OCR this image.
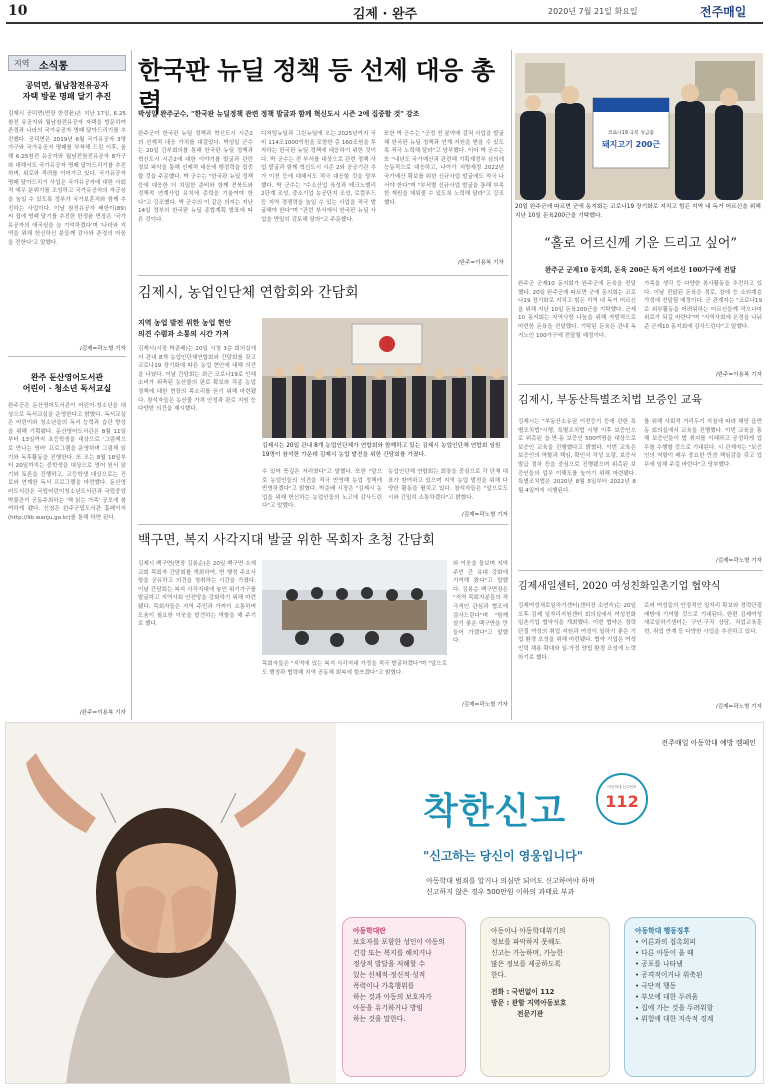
10	김제 · 완주	2020년 7월 21일 화요일	전주매일
지역 소식통
공덕면, 월남참전유공자
자택 방문 명패 달기 추진
김제시 공덕면(면장 한정윤)은 지난 17일, 6.25참전 유공자와 월남참전유공자 자택을 방문하여 존경과 나라의 국가유공자 명패 달아드리기를 추진했다. 공덕면은 2019년 6월 국가유공자 3명가구와 국가유공자 명패를 부착해 드린 이후, 올해 6.25참전 유공자와 월남전참전유공자 8가구와 대해서도 국가유공자 명패 달아드리기를 추진하며, 위로와 격려를 이어가고 있다. 국가유공자 명패 달아드리기 사업은 국가유공자에 대한 사회적 예우 분위기를 조성하고 국가유공자의 자긍심을 높일 수 있도록 정부가 국가보훈처와 함께 추진하는 사업이다. 이날 참전유공자 배한이(89) 씨 집에 명패 달기를 추진한 한정윤 면장은 '국가유공자의 애국심을 늘 기억하겠다'며 '나라와 지역을 위해 헌신하신 분들께 감사와 존경의 마음을 전한다'고 말했다.
/김제=곽노형 기자
완주 둔산영어도서관
어린이 · 청소년 독서교실
완주군은 둔산영어도서관이 어린이·청소년을 대상으로 독서교실을 운영한다고 밝혔다. 독서교실은 어린이와 청소년들의 독서 능력과 습관 향상을 위해 기획됐다. 둔산영어도서관은 8월 11일부터 13일까지 초등학생을 대상으로 '그림책으로 만나는 영어' 프로그램을 운영하며 그림책 읽기와 독후활동을 진행한다. 또 오는 8월 18일부터 20일까지는 중학생을 대상으로 영어 원서 읽기와 토론을 진행하고, 고등학생 대상으로는 진로와 연계한 독서 프로그램을 마련했다. 둔산영어도서관은 국립어린이청소년도서관과 국립중앙박물관이 공동주최하는 '책 읽는 가족' 공모에 참여하게 됐다. 신청은 완주군립도서관 홈페이지(http://lib.wanju.go.kr)를 통해 하면 된다.
/완주=이용복 기자
한국판 뉴딜 정책 등 선제 대응 총력
박성일 완주군수, "한국판 뉴딜정책 관련 정책 발굴과 함께 혁신도시 시즌 2에 집중할 것" 강조
완주군이 한국판 뉴딜 정책과 혁신도시 시즌2의 선제적 대응 가치를 내걸었다. 박성일 군수는 20일 간부회의를 통해 한국판 뉴딜 정책과 혁신도시 시즌2에 대한 이야기를 발굴과 관련 정보 파악을 통해 선제적 대응에 행정력을 집중할 것을 주문했다. 박 군수는 "한국판 뉴딜 정책 등에 대응한 더 치밀한 준비와 함께 전북도와 정책적 연계사업 유치에 총력을 기울여야 한다"고 강조했다. 박 군수의 이 같은 의지는 지난 14일 정부의 한국판 뉴딜 종합계획 발표에 따른 것이다.
디지털뉴딜과 그린뉴딜에 오는 2025년까지 국비 114조1000억원을 포함한 총 160조원을 투자하는 한국판 뉴딜 정책에 대응하기 위한 것이다. 박 군수는 전 부서를 대상으로 관련 정책 사업 발굴과 함께 혁신도시 시즌 2와 공공기관 추가 이전 등에 대해서도 적극 대응할 것을 당부했다. 박 군수는 "수소산업 육성과 테크노밸리 2단계 조성, 중소기업 농공단지 조성, 로컬푸드 등 지역 경쟁력을 높일 수 있는 사업을 적극 발굴해야 한다"며 "관련 부서에서 한국판 뉴딜 사업을 면밀히 검토해 달라"고 주문했다.
또한 박 군수는 "군정 전 분야에 걸쳐 사업을 발굴해 한국판 뉴딜 정책과 연계 지원을 받을 수 있도록 적극 노력해 달라"고 당부했다. 이어 박 군수는 또 "내년도 국가예산과 관련해 기획재정부 심의에 능동적으로 대응하고, 나아가 지방재정 2022년 국가예산 확보를 위한 신규사업 발굴에도 적극 나서야 한다"며 "부서별 신규사업 발굴을 통해 부족한 재원을 채워줄 수 있도록 노력해 달라"고 강조했다.
/완주=이용복 기자
코로나19 극복 성금품
돼지고기 200근
20일 완주군에 따르면 군에 동지회는 코로나19 장기화로 지치고 힘든 지역 내 독거 어르신을 위해 지난 10일 돈육200근을 기탁했다.
“홀로 어르신께 기운 드리고 싶어”
완주군 군제10 동지회, 돈육 200근 독거 어르신 100가구에 전달
완주군 군제10 동지회가 완주군에 돈육을 전달했다. 20일 완주군에 따르면 군에 동지회는 코로나19 장기화로 지치고 힘든 지역 내 독거 어르신을 위해 지난 10일 돈육200근을 기탁했다. 군제10 동지회는 지역사랑 나눔을 위해 자발적으로 마련한 돈육을 전달했다. 기탁된 돈육은 관내 독거노인 100가구에 전달될 예정이다.
가족을 생각 등 다양한 봉사활동을 추진하고 있다. 이날 전달된 돈육은 경로, 장애 등 소외계층 가정에 전달될 예정이다. 군 관계자는 "코로나19로 외부활동을 어려워하는 어르신들께 작으나마 위로가 되길 바란다"며 "지역사회에 온정을 나눠 준 군제10 동지회에 감사드린다"고 말했다.
/완주=이용복 기자
김제시, 농업인단체 연합회와 간담회
지역 농업 발전 위한 농업 현안
의견 수렴과 소통의 시간 가져
김제시(시장 박준배)는 20일 시청 3층 회의실에서 관내 8개 농업인단체연합회와 간담회를 갖고 코로나19 장기화에 따른 농업 현안에 대해 의견을 나눴다. 이날 간담회는 최근 코로나19로 인해 소비가 위축된 농산물의 판로 확보와 각종 농업 정책에 대한 현장의 목소리를 듣기 위해 마련됐다. 참석자들은 농산물 가격 안정과 판로 지원 등 다양한 의견을 제시했다.
김제시는 20일 관내 8개 농업인단체가 연합회와 함께하고 있는 김제시 농업인단체 연합회 임원 19명이 참석한 가운데 김제시 농업 발전을 위한 간담회를 가졌다.
수 있어 뜻깊은 자리였다"고 말했다. 또한 "앞으로 농업인들의 의견을 적극 반영해 농업 정책에 반영하겠다"고 밝혔다. 박준배 시장은 "김제시 농업을 위해 헌신하는 농업인들의 노고에 감사드린다"고 말했다.
농업인단체 연합회는 회장을 중심으로 각 단체 대표가 참여하고 있으며 지역 농업 발전을 위해 다양한 활동을 펼치고 있다. 참석자들은 "앞으로도 시와 긴밀히 소통하겠다"고 밝혔다.
/김제=곽노형 기자
김제시, 부동산특별조치법 보증인 교육
김제시는 "부동산소유권 이전등기 등에 관한 특별조치법"시행, 특별조치법 시행 이후 보증인으로 위촉된 읍·면·동 보증인 500여명을 대상으로 보증인 교육을 진행했다고 밝혔다. 이번 교육은 보증인의 역할과 책임, 확인서 작성 요령, 보증서 발급 절차 등을 중심으로 진행됐으며 위촉된 보증인들의 업무 이해도를 높이기 위해 마련됐다. 특별조치법은 2020년 8월 5일부터 2022년 8월 4일까지 시행된다.
를 위해 사회적 거리두기 지침에 따라 해당 읍면동 회의실에서 교육을 진행했다. 이번 교육을 통해 보증인들이 법 취지를 이해하고 공정하게 업무를 수행할 것으로 기대된다. 시 관계자는 "보증인의 역할이 매우 중요한 만큼 책임감을 갖고 업무에 임해 주길 바란다"고 당부했다.
/김제=곽노형 기자
백구면, 복지 사각지대 발굴 위한 목회자 초청 간담회
김제시 백구면(면장 김봉순)은 20일 백구면 소재 교회 목회자 간담회를 개최하여, 면 행정 주요사항을 공유하고 의견을 청취하는 시간을 가졌다. 이날 간담회는 복지 사각지대에 놓인 위기가구를 발굴하고 지역사회 안전망을 강화하기 위해 마련됐다. 목회자들은 지역 주민과 가까이 소통하며 도움이 필요한 이웃을 발견하는 역할을 해 주기로 했다.
목회자들은 "지역에 있는 복지 사각지대 가정을 적극 발굴하겠다"며 "앞으로도 행정과 협력해 지역 공동체 회복에 힘쓰겠다"고 밝혔다.
와 이웃을 돌보며 지역 주민 간 유대 강화에 기여해 왔다"고 말했다. 김봉순 백구면장은 "지역 목회자분들의 적극적인 관심과 협조에 감사드린다"며 "함께 살기 좋은 백구면을 만들어 가겠다"고 말했다.
/김제=곽노형 기자
김제새일센터, 2020 여성친화일촌기업 협약식
김제여성새로일하기센터(센터장 소연숙)는 20일 오후 김제 일자리지원센터 회의실에서 여성친화일촌기업 협약식을 개최했다. 이번 협약은 경력단절 여성의 취업 지원과 여성이 일하기 좋은 기업 환경 조성을 위해 마련됐다. 협약 기업은 여성 인력 채용 확대와 일·가정 양립 환경 조성에 노력하기로 했다.
로써 여성들의 안정적인 일자리 확보와 경력단절 예방에 기여할 것으로 기대된다. 한편 김제여성새로일하기센터는 구인·구직 상담, 직업교육훈련, 취업 연계 등 다양한 사업을 추진하고 있다.
/김제=곽노형 기자
전주매일 아동학대 예방 캠페인
착한신고
아동학대 신고번호
112
"신고하는 당신이 영웅입니다"
아동학대 범죄를 알거나 의심만 되어도 신고하여야 하며
신고하지 않은 경우 500만원 이하의 과태료 부과
아동학대란
보호자를 포함한 성인이 아동의
건강 또는 복지를 해치거나
정상적 발달을 저해할 수
있는 신체적·정신적·성적
폭력이나 가혹행위를
하는 것과 아동의 보호자가
아동을 유기하거나 방임
하는 것을 말한다.
아동이나 아동학대위기의
정보를 파악하지 못해도
신고는 가능하며, 가능한
많은 정보를 제공하도록
한다.
전화 : 국번없이 112
방문 : 관할 지역아동보호
전문기관
아동학대 행동징후
• 어른과의 접촉회피
• 다른 아동이 울 때
• 공포를 나타냄
• 공격적이거나 위축된
• 극단적 행동
• 부모에 대한 두려움
• 집에 가는 것을 두려워함
• 위험에 대한 지속적 경계
